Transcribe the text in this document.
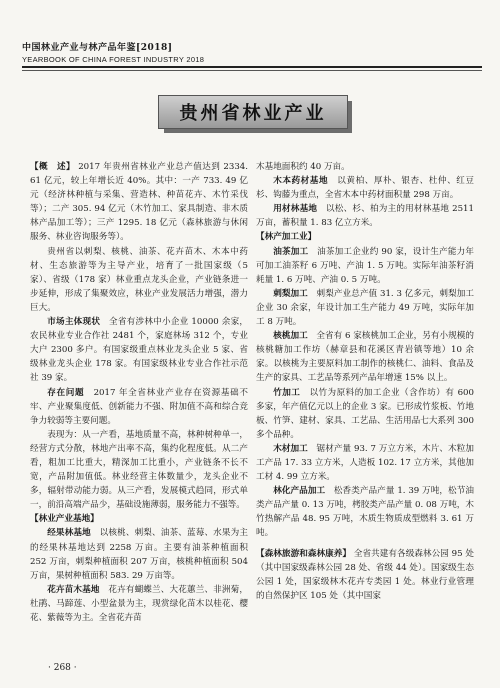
中国林业产业与林产品年鉴[2018]
YEARBOOK OF CHINA FOREST INDUSTRY 2018
贵州省林业产业

【概　述】 2017 年贵州省林业产业总产值达到 2334. 61 亿元，较上年增长近 40%。其中：一产 733. 49 亿元（经济林种植与采集、营造林、种苗花卉、木竹采伐等）；二产 305. 94 亿元（木竹加工、家具制造、非木质林产品加工等）；三产 1295. 18 亿元（森林旅游与休闲服务、林业咨询服务等）。

贵州省以刺梨、核桃、油茶、花卉苗木、木本中药材、生态旅游等为主导产业，培育了一批国家级（5 家）、省级（178 家）林业重点龙头企业，产业链条进一步延伸，形成了集聚效应，林业产业发展活力增强，潜力巨大。

市场主体现状　 全省有涉林中小企业 10000 余家，农民林业专业合作社 2481 个，家庭林场 312 个，专业大户 2300 多户。有国家级重点林业龙头企业 5 家、省级林业龙头企业 178 家。有国家级林业专业合作社示范社 39 家。

存在问题　 2017 年全省林业产业存在资源基础不牢、产业聚集度低、创新能力不强、附加值不高和综合竞争力较弱等主要问题。

表现为：从一产看，基地质量不高，林种树种单一，经营方式分散，林地产出率不高，集约化程度低。从二产看，粗加工比重大，精深加工比重小，产业链条不长不宽，产品附加值低。林业经营主体数量少，龙头企业不多，辐射带动能力弱。从三产看，发展模式趋同，形式单一，前沿高端产品少，基础设施薄弱，服务能力不强等。

【林业产业基地】

经果林基地　 以核桃、刺梨、油茶、蓝莓、水果为主的经果林基地达到 2258 万亩。主要有油茶种植面积 252 万亩，刺梨种植面积 207 万亩，核桃种植面积 504 万亩，果树种植面积 583. 29 万亩等。

花卉苗木基地　 花卉有蝴蝶兰、大花蕙兰、非洲菊，杜鹃、马蹄莲、小型盆景为主，现赏绿化苗木以桂花、樱花、紫薇等为主。全省花卉苗

木基地面积约 40 万亩。

木本药材基地　 以黄柏、厚朴、银杏、杜仲、红豆杉、钩藤为重点，全省木本中药材面积量 298 万亩。

用材林基地　 以松、杉、柏为主的用材林基地 2511 万亩，蓄积量 1. 83 亿立方米。

【林产加工业】

油茶加工　 油茶加工企业约 90 家，设计生产能力年可加工油茶籽 6 万吨、产油 1. 5 万吨。实际年油茶籽消耗量 1. 6 万吨、产油 0. 5 万吨。

刺梨加工　 刺梨产业总产值 31. 3 亿多元，刺梨加工企业 30 余家，年设计加工生产能力 49 万吨，实际年加工 8 万吨。

核桃加工　 全省有 6 家核桃加工企业，另有小规模的核桃糖加工作坊（赫章县和花溪区青岩镇等地）10 余家。以核桃为主要原料加工制作的核桃仁、油料、食品及生产的家具、工艺品等系列产品年增速 15% 以上。

竹加工　 以竹为原料的加工企业（含作坊）有 600 多家，年产值亿元以上的企业 3 家。已形成竹浆板、竹地板、竹笋、建材、家具、工艺品、生活用品七大系列 300 多个品种。

木材加工　 锯材产量 93. 7 万立方米，木片、木粒加工产品 17. 33 立方米，人造板 102. 17 立方米，其他加工材 4. 99 立方米。

林化产品加工　 松香类产品产量 1. 39 万吨，松节油类产品产量 0. 13 万吨，栲胶类产品产量 0. 08 万吨，木竹热解产品 48. 95 万吨，木质生物质成型燃料 3. 61 万吨。

【森林旅游和森林康养】 全省共建有各级森林公园 95 处（其中国家级森林公园 28 处、省级 44 处）。国家级生态公园 1 处，国家级林木花卉专类园 1 处。林业行业管理的自然保护区 105 处（其中国家

· 268 ·
